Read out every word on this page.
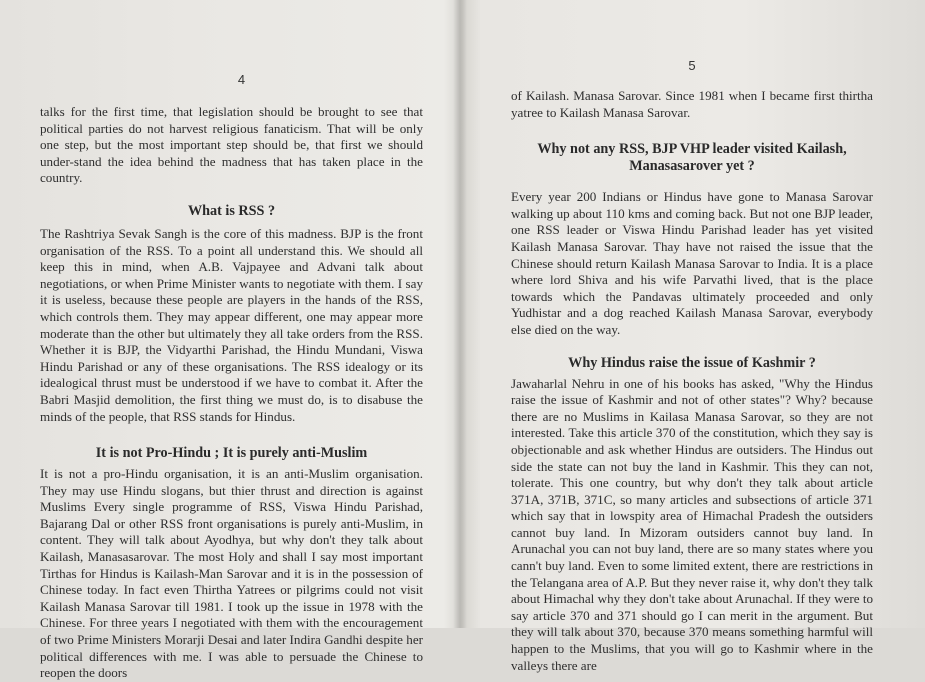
4

talks for the first time, that legislation should be brought to see that political parties do not harvest religious fanaticism. That will be only one step, but the most important step should be, that first we should under-stand the idea behind the madness that has taken place in the country.

What is RSS ?

The Rashtriya Sevak Sangh is the core of this madness. BJP is the front organisation of the RSS. To a point all understand this. We should all keep this in mind, when A.B. Vajpayee and Advani talk about negotiations, or when Prime Minister wants to negotiate with them. I say it is useless, because these people are players in the hands of the RSS, which controls them. They may appear different, one may appear more moderate than the other but ultimately they all take orders from the RSS. Whether it is BJP, the Vidyarthi Parishad, the Hindu Mundani, Viswa Hindu Parishad or any of these organisations. The RSS idealogy or its idealogical thrust must be understood if we have to combat it. After the Babri Masjid demolition, the first thing we must do, is to disabuse the minds of the people, that RSS stands for Hindus.

It is not Pro-Hindu ; It is purely anti-Muslim

It is not a pro-Hindu organisation, it is an anti-Muslim organisation. They may use Hindu slogans, but thier thrust and direction is against Muslims Every single programme of RSS, Viswa Hindu Parishad, Bajarang Dal or other RSS front organisations is purely anti-Muslim, in content. They will talk about Ayodhya, but why don't they talk about Kailash, Manasasarovar. The most Holy and shall I say most important Tirthas for Hindus is Kailash-Man Sarovar and it is in the possession of Chinese today. In fact even Thirtha Yatrees or pilgrims could not visit Kailash Manasa Sarovar till 1981. I took up the issue in 1978 with the Chinese. For three years I negotiated with them with the encouragement of two Prime Ministers Morarji Desai and later Indira Gandhi despite her political differences with me. I was able to persuade the Chinese to reopen the doors

5

of Kailash. Manasa Sarovar. Since 1981 when I became first thirtha yatree to Kailash Manasa Sarovar.

Why not any RSS, BJP VHP leader visited Kailash, Manasasarover yet ?

Every year 200 Indians or Hindus have gone to Manasa Sarovar walking up about 110 kms and coming back. But not one BJP leader, one RSS leader or Viswa Hindu Parishad leader has yet visited Kailash Manasa Sarovar. Thay have not raised the issue that the Chinese should return Kailash Manasa Sarovar to India. It is a place where lord Shiva and his wife Parvathi lived, that is the place towards which the Pandavas ultimately proceeded and only Yudhistar and a dog reached Kailash Manasa Sarovar, everybody else died on the way.

Why Hindus raise the issue of Kashmir ?

Jawaharlal Nehru in one of his books has asked, "Why the Hindus raise the issue of Kashmir and not of other states"? Why? because there are no Muslims in Kailasa Manasa Sarovar, so they are not interested. Take this article 370 of the constitution, which they say is objectionable and ask whether Hindus are outsiders. The Hindus out side the state can not buy the land in Kashmir. This they can not, tolerate. This one country, but why don't they talk about article 371A, 371B, 371C, so many articles and subsections of article 371 which say that in lowspity area of Himachal Pradesh the outsiders cannot buy land. In Mizoram outsiders cannot buy land. In Arunachal you can not buy land, there are so many states where you cann't buy land. Even to some limited extent, there are restrictions in the Telangana area of A.P. But they never raise it, why don't they talk about Himachal why they don't take about Arunachal. If they were to say article 370 and 371 should go I can merit in the argument. But they will talk about 370, because 370 means something harmful will happen to the Muslims, that you will go to Kashmir where in the valleys there are
